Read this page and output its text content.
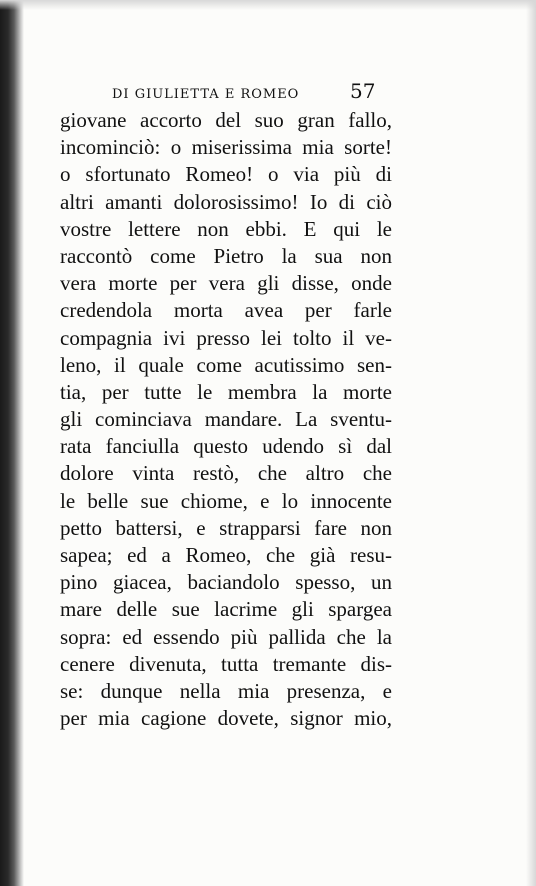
DI GIULIETTA E ROMEO	57
giovane accorto del suo gran fallo,
incominciò: o miserissima mia sorte!
o sfortunato Romeo! o via più di
altri amanti dolorosissimo! Io di ciò
vostre lettere non ebbi. E qui le
raccontò come Pietro la sua non
vera morte per vera gli disse, onde
credendola morta avea per farle
compagnia ivi presso lei tolto il ve-
leno, il quale come acutissimo sen-
tia, per tutte le membra la morte
gli cominciava mandare. La sventu-
rata fanciulla questo udendo sì dal
dolore vinta restò, che altro che
le belle sue chiome, e lo innocente
petto battersi, e strapparsi fare non
sapea; ed a Romeo, che già resu-
pino giacea, baciandolo spesso, un
mare delle sue lacrime gli spargea
sopra: ed essendo più pallida che la
cenere divenuta, tutta tremante dis-
se: dunque nella mia presenza, e
per mia cagione dovete, signor mio,
